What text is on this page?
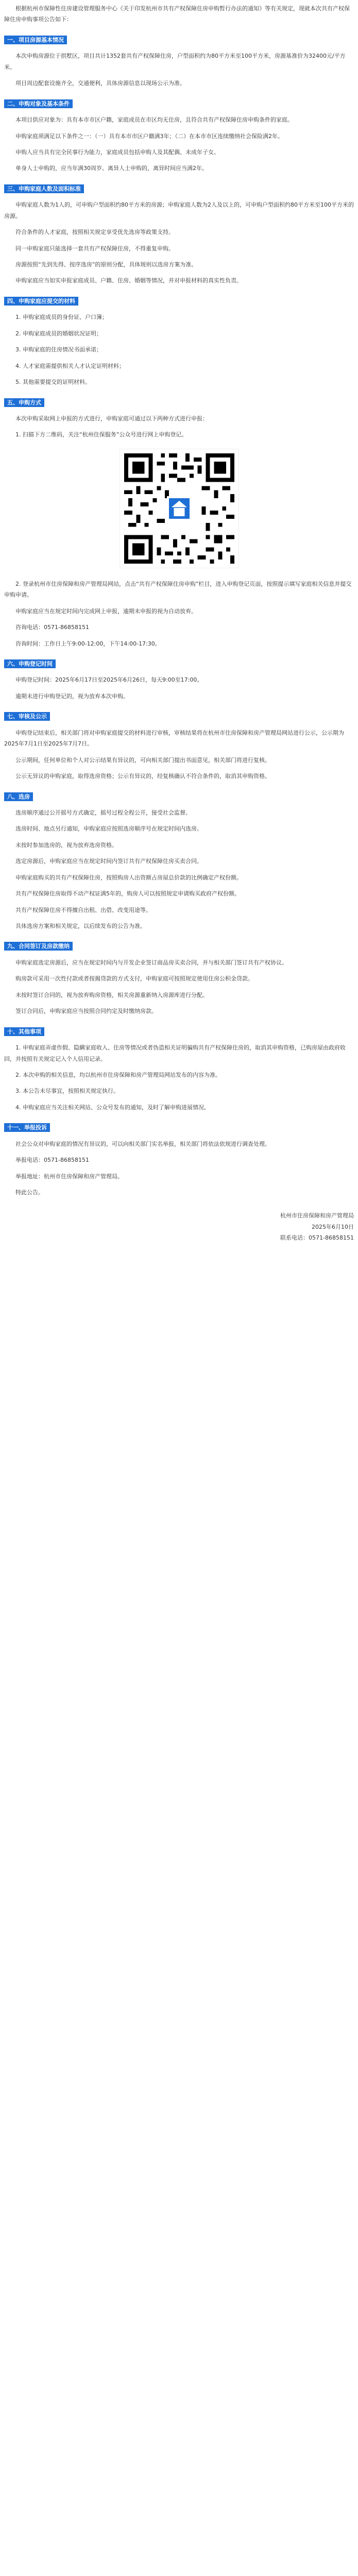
根据杭州市保障性住房建设管理服务中心《关于印发杭州市共有产权保障住房申购暂行办法的通知》等有关规定，现就本次共有产权保障住房申购事项公告如下：

一、项目房源基本情况

本次申购房源位于拱墅区，项目共计1352套共有产权保障住房，户型面积约为80平方米至100平方米，房源基准价为32400元/平方米。

项目周边配套设施齐全，交通便利，具体房源信息以现场公示为准。

二、申购对象及基本条件

本项目供应对象为：具有本市市区户籍，家庭成员在市区均无住房，且符合共有产权保障住房申购条件的家庭。

申购家庭须满足以下条件之一：（一）具有本市市区户籍满3年；（二）在本市市区连续缴纳社会保险满2年。

申购人应当具有完全民事行为能力，家庭成员包括申购人及其配偶、未成年子女。

单身人士申购的，应当年满30周岁。离异人士申购的，离异时间应当满2年。

三、申购家庭人数及面积标准

申购家庭人数为1人的，可申购户型面积约80平方米的房源；申购家庭人数为2人及以上的，可申购户型面积约80平方米至100平方米的房源。

符合条件的人才家庭，按照相关规定享受优先选房等政策支持。

同一申购家庭只能选择一套共有产权保障住房，不得重复申购。

房源按照“先到先得、按序选房”的原则分配，具体规则以选房方案为准。

申购家庭应当如实申报家庭成员、户籍、住房、婚姻等情况，并对申报材料的真实性负责。

四、申购家庭应提交的材料

1. 申购家庭成员的身份证、户口簿；

2. 申购家庭成员的婚姻状况证明；

3. 申购家庭的住房情况书面承诺；

4. 人才家庭需提供相关人才认定证明材料；

5. 其他需要提交的证明材料。

五、申购方式

本次申购采取网上申报的方式进行，申购家庭可通过以下两种方式进行申报：

1. 扫描下方二维码，关注“杭州住保服务”公众号进行网上申购登记。

2. 登录杭州市住房保障和房产管理局网站，点击“共有产权保障住房申购”栏目，进入申购登记页面，按照提示填写家庭相关信息并提交申购申请。

申购家庭应当在规定时间内完成网上申报，逾期未申报的视为自动放弃。

咨询电话：0571-86858151

咨询时间：工作日上午9:00-12:00，下午14:00-17:30。

六、申购登记时间

申购登记时间：2025年6月17日至2025年6月26日，每天9:00至17:00。

逾期未进行申购登记的，视为放弃本次申购。

七、审核及公示

申购登记结束后，相关部门将对申购家庭提交的材料进行审核，审核结果将在杭州市住房保障和房产管理局网站进行公示，公示期为2025年7月1日至2025年7月7日。

公示期间，任何单位和个人对公示结果有异议的，可向相关部门提出书面意见，相关部门将进行复核。

公示无异议的申购家庭，取得选房资格；公示有异议的，经复核确认不符合条件的，取消其申购资格。

八、选房

选房顺序通过公开摇号方式确定，摇号过程全程公开，接受社会监督。

选房时间、地点另行通知，申购家庭应按照选房顺序号在规定时间内选房。

未按时参加选房的，视为放弃选房资格。

选定房源后，申购家庭应当在规定时间内签订共有产权保障住房买卖合同。

申购家庭购买的共有产权保障住房，按照购房人出资额占房屋总价款的比例确定产权份额。

共有产权保障住房取得不动产权证满5年的，购房人可以按照规定申请购买政府产权份额。

共有产权保障住房不得擅自出租、出借、改变用途等。

具体选房方案和相关规定，以后续发布的公告为准。

九、合同签订及房款缴纳

申购家庭选定房源后，应当在规定时间内与开发企业签订商品房买卖合同，并与相关部门签订共有产权协议。

购房款可采用一次性付款或者按揭贷款的方式支付，申购家庭可按照规定使用住房公积金贷款。

未按时签订合同的，视为放弃购房资格，相关房源重新纳入房源库进行分配。

签订合同后，申购家庭应当按照合同约定及时缴纳房款。

十、其他事项

1. 申购家庭弄虚作假、隐瞒家庭收入、住房等情况或者伪造相关证明骗购共有产权保障住房的，取消其申购资格，已购房屋由政府收回，并按照有关规定记入个人信用记录。

2. 本次申购的相关信息，均以杭州市住房保障和房产管理局网站发布的内容为准。

3. 本公告未尽事宜，按照相关规定执行。

4. 申购家庭应当关注相关网站、公众号发布的通知，及时了解申购进展情况。

十一、举报投诉

社会公众对申购家庭的情况有异议的，可以向相关部门实名举报，相关部门将依法依规进行调查处理。

举报电话：0571-86858151

举报地址：杭州市住房保障和房产管理局。

特此公告。

杭州市住房保障和房产管理局

2025年6月10日

联系电话：0571-86858151
